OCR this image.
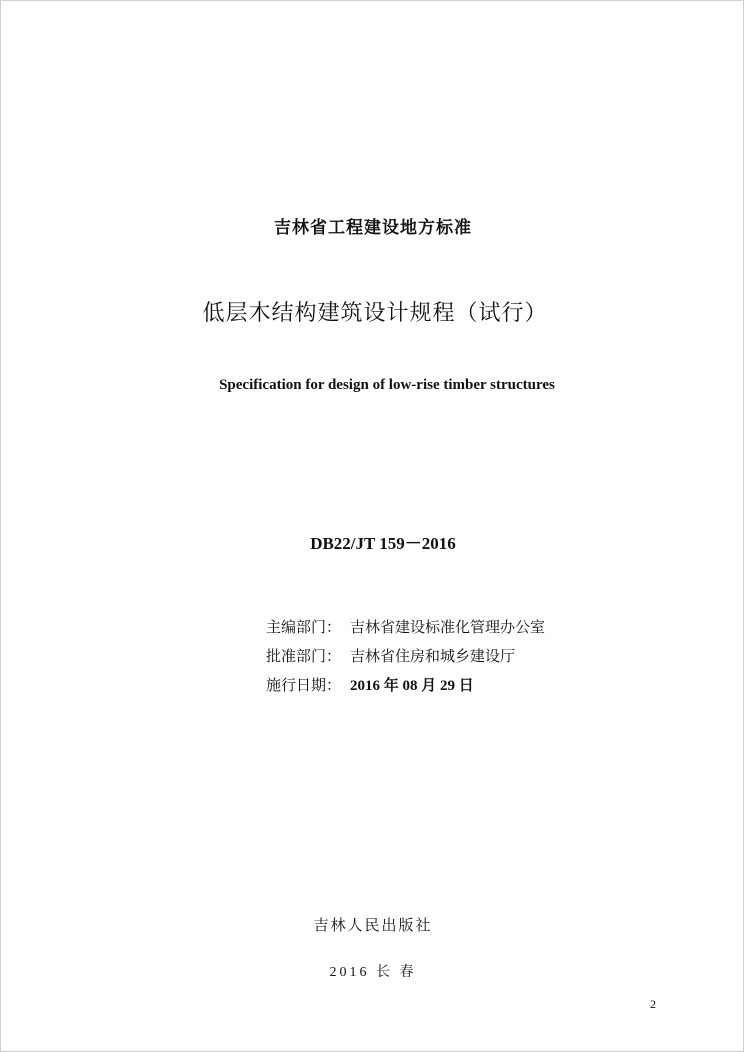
吉林省工程建设地方标准
低层木结构建筑设计规程（试行）
Specification for design of low-rise timber structures
DB22/JT 159－2016
主编部门： 吉林省建设标准化管理办公室
批准部门： 吉林省住房和城乡建设厅
施行日期： 2016 年 08 月 29 日
吉林人民出版社
2016 长 春
2
